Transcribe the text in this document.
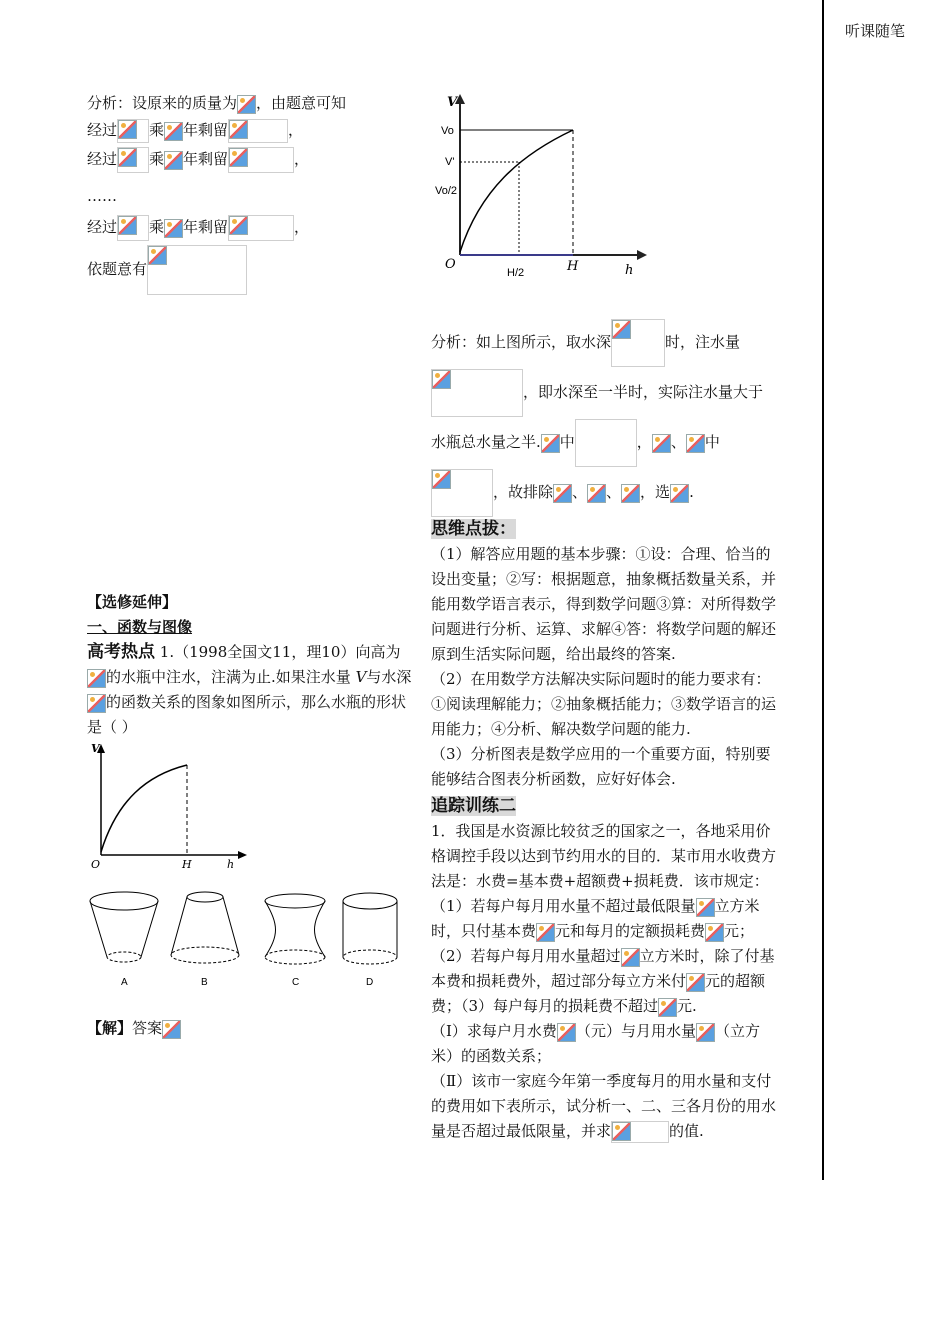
听课随笔

分析：设原来的质量为 ，由题意可知

经过 乘 年剩留	，

经过 乘 年剩留	，

……

经过 乘 年剩留	，

依题意有

【选修延伸】

一、函数与图像

高考热点 1.（1998全国文11，理10）向高为的水瓶中注水，注满为止.如果注水量 V与水深的函数关系的图象如图所示，那么水瓶的形状是（ ）

V
O	H	h
A	B	C	D

【解】答案

V
Vo
V'
Vo/2
O
H/2	H	h

分析：如上图所示，取水深	时，注水量
，即水深至一半时，实际注水量大于水瓶总水量之半. 中	， 、 中
，故排除 、 、 ，选 .

思维点拔：

（1）解答应用题的基本步骤：①设：合理、恰当的设出变量；②写：根据题意，抽象概括数量关系，并能用数学语言表示，得到数学问题③算：对所得数学问题进行分析、运算、求解④答：将数学问题的解还原到生活实际问题，给出最终的答案.

（2）在用数学方法解决实际问题时的能力要求有：①阅读理解能力；②抽象概括能力；③数学语言的运用能力；④分析、解决数学问题的能力.

（3）分析图表是数学应用的一个重要方面，特别要能够结合图表分析函数，应好好体会.

追踪训练二

1．我国是水资源比较贫乏的国家之一，各地采用价格调控手段以达到节约用水的目的．某市用水收费方法是：水费=基本费+超额费+损耗费．该市规定：（1）若每户每月用水量不超过最低限量 立方米时，只付基本费 元和每月的定额损耗费 元；（2）若每户每月用水量超过 立方米时，除了付基本费和损耗费外，超过部分每立方米付 元的超额费；（3）每户每月的损耗费不超过 元.

（Ⅰ）求每户月水费 （元）与月用水量 （立方米）的函数关系；

（Ⅱ）该市一家庭今年第一季度每月的用水量和支付的费用如下表所示，试分析一、二、三各月份的用水量是否超过最低限量，并求	的值.
